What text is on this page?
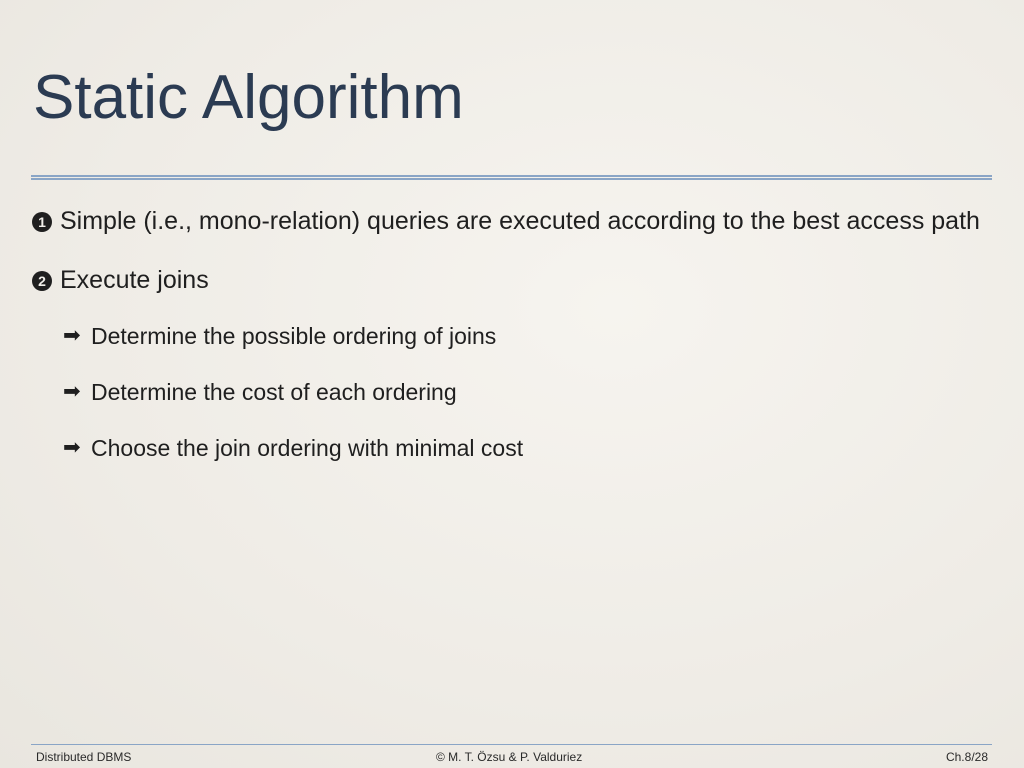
Static Algorithm
1 Simple (i.e., mono-relation) queries are executed according to the best access path
2 Execute joins
➡ Determine the possible ordering of joins
➡ Determine the cost of each ordering
➡ Choose the join ordering with minimal cost
Distributed DBMS	© M. T. Özsu & P. Valduriez	Ch.8/28
